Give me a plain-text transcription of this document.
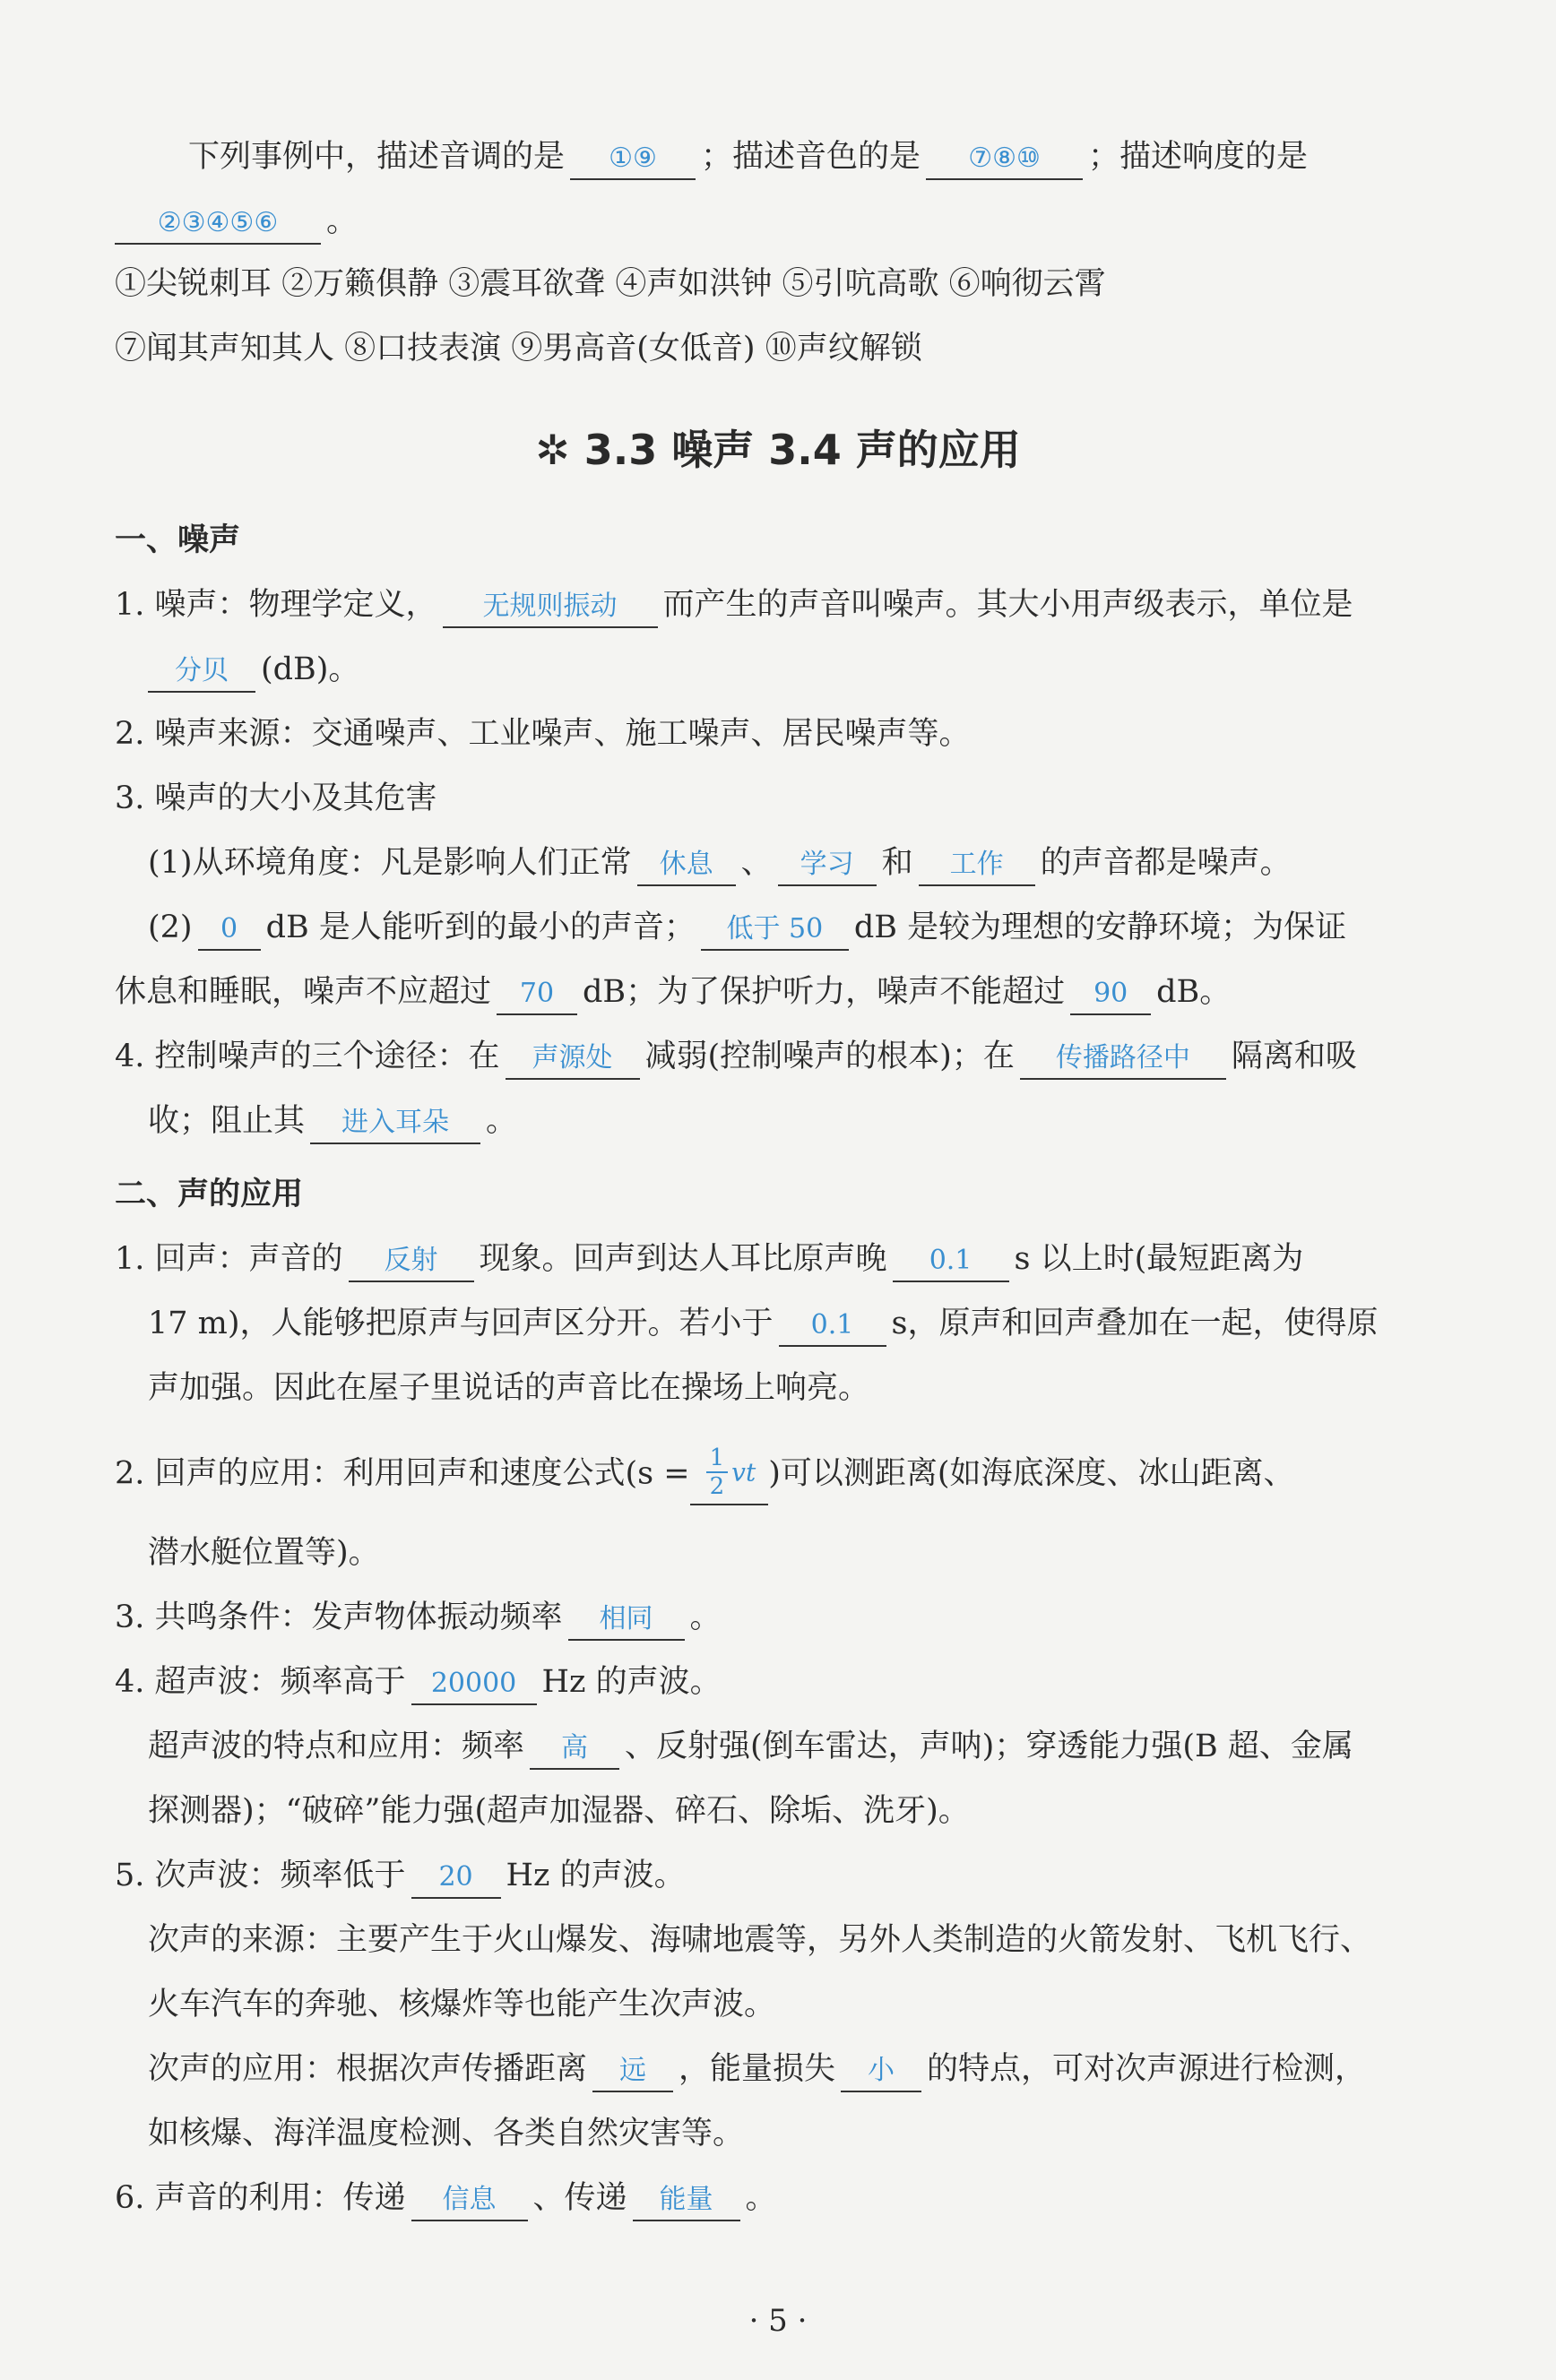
下列事例中，描述音调的是 ①⑨ ；描述音色的是 ⑦⑧⑩ ；描述响度的是
②③④⑤⑥ 。
①尖锐刺耳 ②万籁俱静 ③震耳欲聋 ④声如洪钟 ⑤引吭高歌 ⑥响彻云霄
⑦闻其声知其人 ⑧口技表演 ⑨男高音(女低音) ⑩声纹解锁
✲ 3.3 噪声 3.4 声的应用
一、噪声
1. 噪声：物理学定义， 无规则振动 而产生的声音叫噪声。其大小用声级表示，单位是
分贝 (dB)。
2. 噪声来源：交通噪声、工业噪声、施工噪声、居民噪声等。
3. 噪声的大小及其危害
(1)从环境角度：凡是影响人们正常 休息 、 学习 和 工作 的声音都是噪声。
(2) 0 dB 是人能听到的最小的声音； 低于 50 dB 是较为理想的安静环境；为保证
休息和睡眠，噪声不应超过 70 dB；为了保护听力，噪声不能超过 90 dB。
4. 控制噪声的三个途径：在 声源处 减弱(控制噪声的根本)；在 传播路径中 隔离和吸
收；阻止其 进入耳朵 。
二、声的应用
1. 回声：声音的 反射 现象。回声到达人耳比原声晚 0.1 s 以上时(最短距离为
17 m)，人能够把原声与回声区分开。若小于 0.1 s，原声和回声叠加在一起，使得原
声加强。因此在屋子里说话的声音比在操场上响亮。
2. 回声的应用：利用回声和速度公式($s = \frac{1}{2}$ vt )可以测距离(如海底深度、冰山距离、
潜水艇位置等)。
3. 共鸣条件：发声物体振动频率 相同 。
4. 超声波：频率高于 20000 Hz 的声波。
超声波的特点和应用：频率 高 、反射强(倒车雷达，声呐)；穿透能力强(B 超、金属
探测器)；“破碎”能力强(超声加湿器、碎石、除垢、洗牙)。
5. 次声波：频率低于 20 Hz 的声波。
次声的来源：主要产生于火山爆发、海啸地震等，另外人类制造的火箭发射、飞机飞行、
火车汽车的奔驰、核爆炸等也能产生次声波。
次声的应用：根据次声传播距离 远 ，能量损失 小 的特点，可对次声源进行检测，
如核爆、海洋温度检测、各类自然灾害等。
6. 声音的利用：传递 信息 、传递 能量 。
· 5 ·
